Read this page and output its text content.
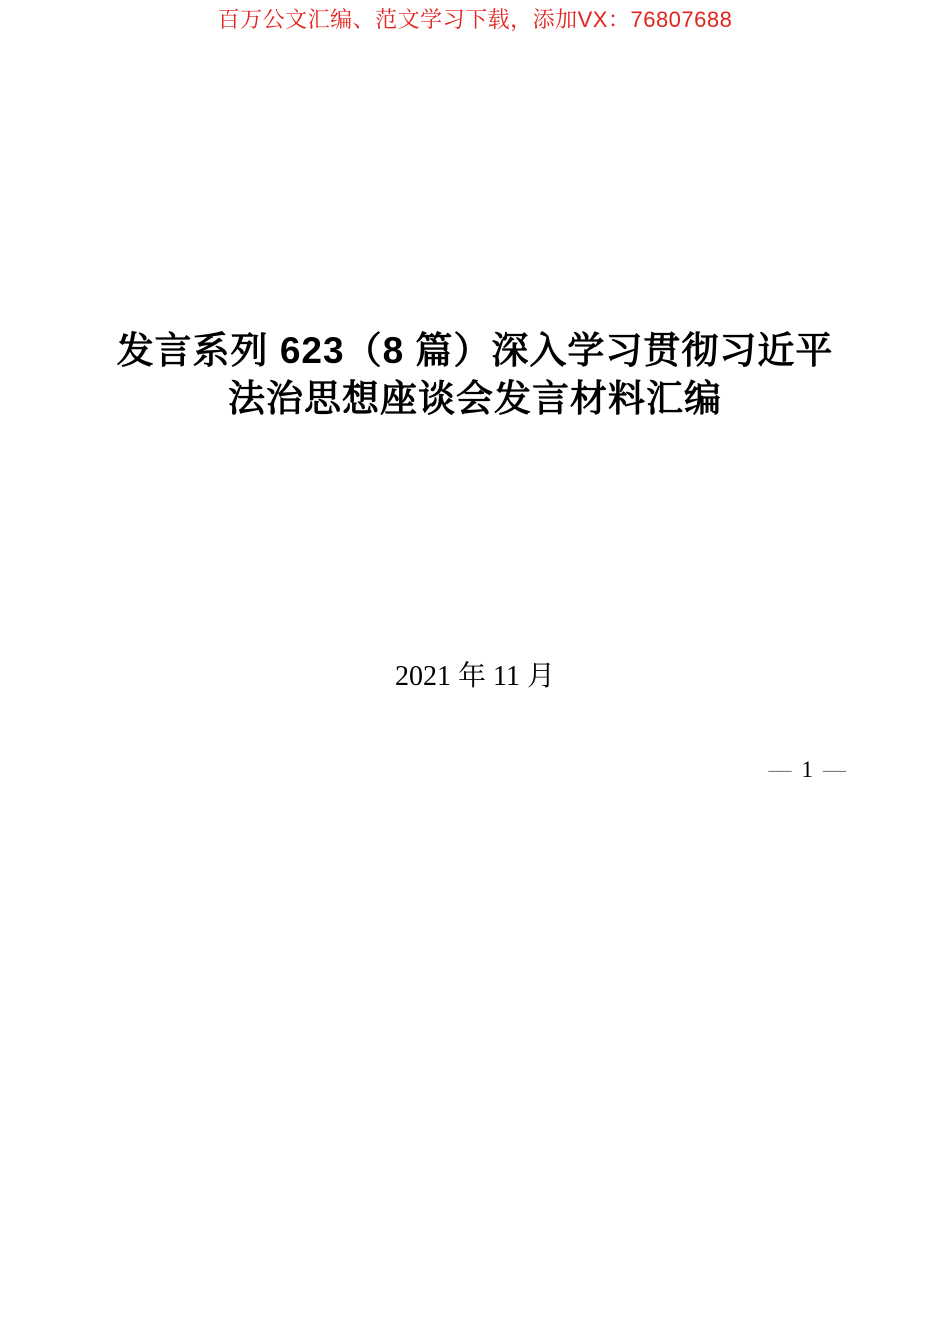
百万公文汇编、范文学习下载，添加VX：76807688
发言系列 623（8 篇）深入学习贯彻习近平
法治思想座谈会发言材料汇编
2021 年 11 月
— 1 —
